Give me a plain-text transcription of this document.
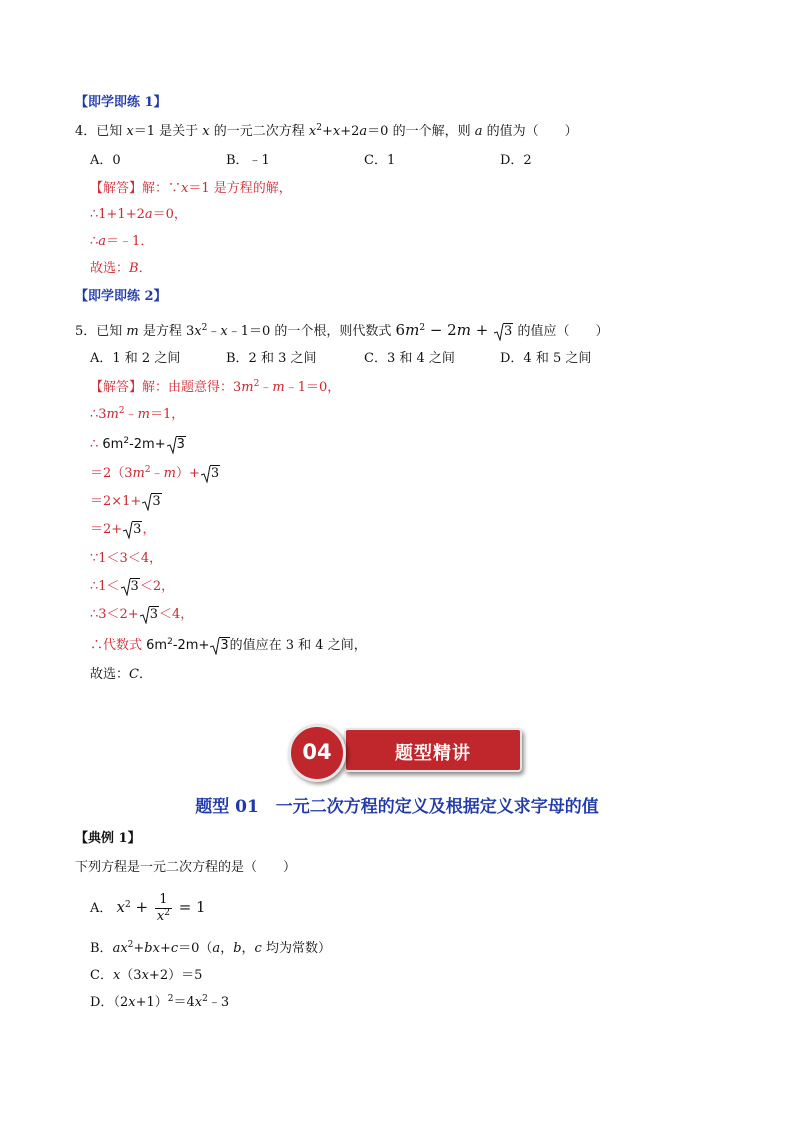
【即学即练 1】
4．已知 x＝1 是关于 x 的一元二次方程 $x^2+x+2a=0$ 的一个解，则 a 的值为（　　）
A．0	B．﹣1	C．1	D．2
【解答】解：∵x＝1 是方程的解，
∴1+1+2a＝0，
∴a＝﹣1．
故选：B．
【即学即练 2】
5．已知 m 是方程 $3x^2﹣x﹣1=0$ 的一个根，则代数式 $6m^2 - 2m$ +
3 的值应（　　）
A．1 和 2 之间	B．2 和 3 之间	C．3 和 4 之间	D．4 和 5 之间
【解答】解：由题意得：$3m^2﹣m﹣1=0$，
$\therefore 3m^2﹣m=1$，
∴ $6m^2-2m+ 3$
$=2(3m^2﹣m)+ 3$
＝2×1+ 3
＝2+ 3，
∵1＜3＜4，
∴1＜ 3＜2，
∴3＜2+ 3＜4，
∴代数式 $6m^2-2m+ 3$的值应在 3 和 4 之间，
故选：C．
题型精讲
04
题型 01　一元二次方程的定义及根据定义求字母的值
【典例 1】
下列方程是一元二次方程的是（　　）
A． $x^2 + \frac{1}{x^2} = 1$
B．$ax^2+bx+c=0(a$，b，c 均为常数）
C．x（3x+2）＝5
D．$(2x+1)^2=4x^2﹣3$
